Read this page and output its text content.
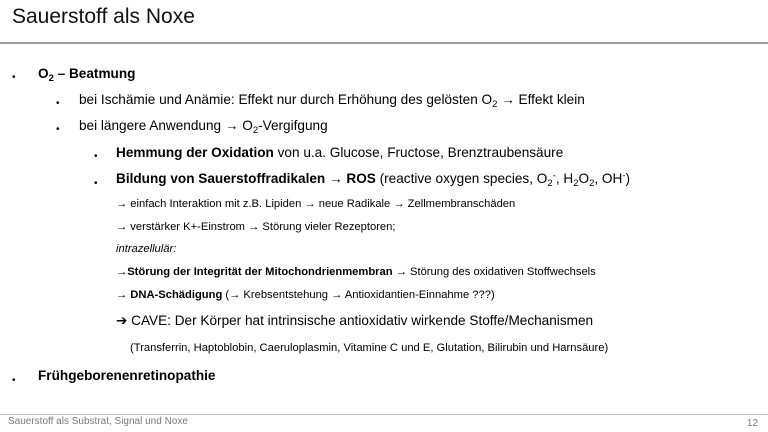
Sauerstoff als Noxe
• $O_2$ – Beatmung
• bei Ischämie und Anämie: Effekt nur durch Erhöhung des gelösten $O_2$ → Effekt klein
• bei längere Anwendung → $O_2$-Vergifgung
• Hemmung der Oxidation von u.a. Glucose, Fructose, Brenztraubensäure
• Bildung von Sauerstoffradikalen → ROS (reactive oxygen species, $O_2^-$, $H_2O_2$, OH-)
→ einfach Interaktion mit z.B. Lipiden → neue Radikale → Zellmembranschäden
→ verstärker K+-Einstrom → Störung vieler Rezeptoren;
intrazellulär:
→Störung der Integrität der Mitochondrienmembran → Störung des oxidativen Stoffwechsels
→ DNA-Schädigung (→ Krebsentstehung → Antioxidantien-Einnahme ???)
➔ CAVE: Der Körper hat intrinsische antioxidativ wirkende Stoffe/Mechanismen
(Transferrin, Haptoblobin, Caeruloplasmin, Vitamine C und E, Glutation, Bilirubin und Harnsäure)
• Frühgeborenenretinopathie
Sauerstoff als Substrat, Signal und Noxe	12
